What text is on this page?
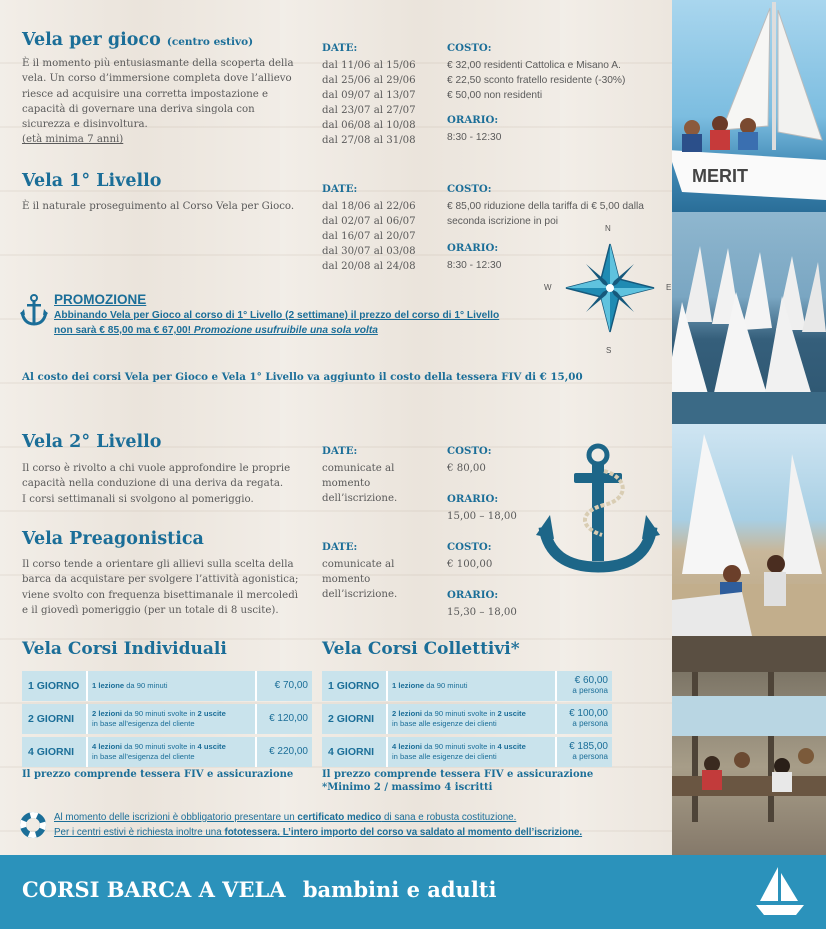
Vela per gioco (centro estivo)
È il momento più entusiasmante della scoperta della
vela. Un corso d’immersione completa dove l’allievo
riesce ad acquisire una corretta impostazione e
capacità di governare una deriva singola con
sicurezza e disinvoltura.
(età minima 7 anni)
DATE:
dal 11/06 al 15/06
dal 25/06 al 29/06
dal 09/07 al 13/07
dal 23/07 al 27/07
dal 06/08 al 10/08
dal 27/08 al 31/08
COSTO:
€ 32,00 residenti Cattolica e Misano A.
€ 22,50 sconto fratello residente (-30%)
€ 50,00 non residenti
ORARIO:
8:30 - 12:30
Vela 1° Livello
È il naturale proseguimento al Corso Vela per Gioco.
DATE:
dal 18/06 al 22/06
dal 02/07 al 06/07
dal 16/07 al 20/07
dal 30/07 al 03/08
dal 20/08 al 24/08
COSTO:
€ 85,00 riduzione della tariffa di € 5,00 dalla
seconda iscrizione in poi
ORARIO:
8:30 - 12:30
N
S
W	E
PROMOZIONE
Abbinando Vela per Gioco al corso di 1° Livello (2 settimane) il prezzo del corso di 1° Livello
non sarà € 85,00 ma € 67,00! Promozione usufruibile una sola volta
Al costo dei corsi Vela per Gioco e Vela 1° Livello va aggiunto il costo della tessera FIV di € 15,00
Vela 2° Livello
Il corso è rivolto a chi vuole approfondire le proprie
capacità nella conduzione di una deriva da regata.
I corsi settimanali si svolgono al pomeriggio.
DATE:
comunicate al
momento
dell’iscrizione.
COSTO:
€ 80,00
ORARIO:
15,00 – 18,00
Vela Preagonistica
Il corso tende a orientare gli allievi sulla scelta della
barca da acquistare per svolgere l’attività agonistica;
viene svolto con frequenza bisettimanale il mercoledì
e il giovedì pomeriggio (per un totale di 8 uscite).
DATE:
comunicate al
momento
dell’iscrizione.
COSTO:
€ 100,00
ORARIO:
15,30 – 18,00
MERIT
Vela Corsi Individuali
1 GIORNO	1 lezione da 90 minuti	€ 70,00
2 GIORNI	2 lezioni da 90 minuti svolte in 2 uscite
in base all’esigenza del cliente	€ 120,00
4 GIORNI	4 lezioni da 90 minuti svolte in 4 uscite
in base all’esigenza del cliente	€ 220,00
Il prezzo comprende tessera FIV e assicurazione
Vela Corsi Collettivi*
1 GIORNO	1 lezione da 90 minuti	€ 60,00
a persona
2 GIORNI	2 lezioni da 90 minuti svolte in 2 uscite
in base alle esigenze dei clienti	€ 100,00
a persona
4 GIORNI	4 lezioni da 90 minuti svolte in 4 uscite
in base alle esigenze dei clienti	€ 185,00
a persona
Il prezzo comprende tessera FIV e assicurazione
*Minimo 2 / massimo 4 iscritti
Al momento delle iscrizioni è obbligatorio presentare un certificato medico di sana e robusta costituzione.
Per i centri estivi è richiesta inoltre una fototessera. L’intero importo del corso va saldato al momento dell’iscrizione.
CORSI BARCA A VELA bambini e adulti
